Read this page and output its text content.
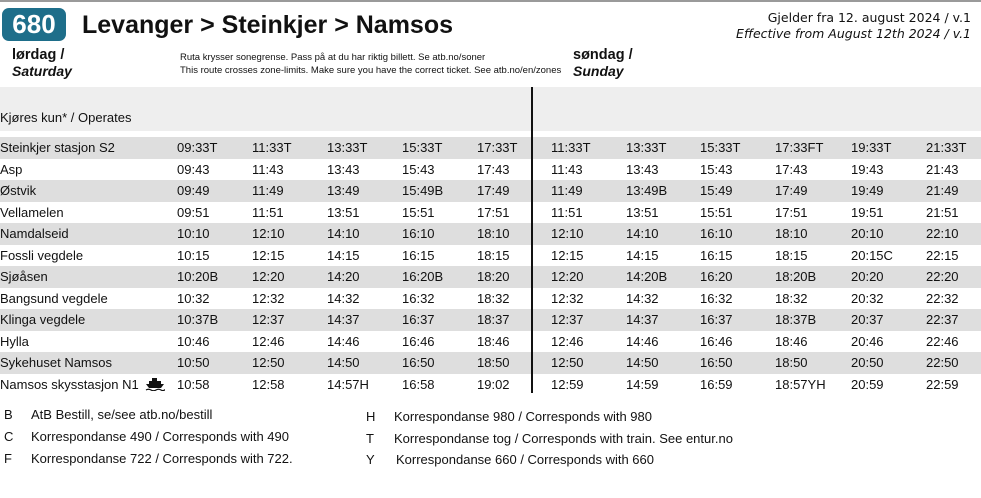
680	Levanger > Steinkjer > Namsos	Gjelder fra 12. august 2024 / v.1
Effective from August 12th 2024 / v.1
lørdag /
Saturday
Ruta krysser sonegrense. Pass på at du har riktig billett. Se atb.no/soner
This route crosses zone-limits. Make sure you have the correct ticket. See atb.no/en/zones
søndag /
Sunday
Kjøres kun* / Operates
Steinkjer stasjon S2	09:33T	11:33T	13:33T	15:33T	17:33T	11:33T	13:33T	15:33T	17:33FT 19:33T	21:33T
Asp	09:43	11:43	13:43	15:43	17:43	11:43	13:43	15:43	17:43	19:43	21:43
Østvik	09:49	11:49	13:49	15:49B	17:49	11:49	13:49B	15:49	17:49	19:49	21:49
Vellamelen	09:51	11:51	13:51	15:51	17:51	11:51	13:51	15:51	17:51	19:51	21:51
Namdalseid	10:10	12:10	14:10	16:10	18:10	12:10	14:10	16:10	18:10	20:10	22:10
Fossli vegdele	10:15	12:15	14:15	16:15	18:15	12:15	14:15	16:15	18:15	20:15C	22:15
Sjøåsen	10:20B	12:20	14:20	16:20B	18:20	12:20	14:20B	16:20	18:20B	20:20	22:20
Bangsund vegdele	10:32	12:32	14:32	16:32	18:32	12:32	14:32	16:32	18:32	20:32	22:32
Klinga vegdele	10:37B	12:37	14:37	16:37	18:37	12:37	14:37	16:37	18:37B	20:37	22:37
Hylla	10:46	12:46	14:46	16:46	18:46	12:46	14:46	16:46	18:46	20:46	22:46
Sykehuset Namsos	10:50	12:50	14:50	16:50	18:50	12:50	14:50	16:50	18:50	20:50	22:50
Namsos skysstasjon N1	10:58	12:58	14:57H	16:58	19:02	12:59	14:59	16:59	18:57YH 20:59	22:59
B AtB Bestill, se/see atb.no/bestill
C Korrespondanse 490 / Corresponds with 490
F Korrespondanse 722 / Corresponds with 722.
H Korrespondanse 980 / Corresponds with 980
T Korrespondanse tog / Corresponds with train. See entur.no
Y Korrespondanse 660 / Corresponds with 660
